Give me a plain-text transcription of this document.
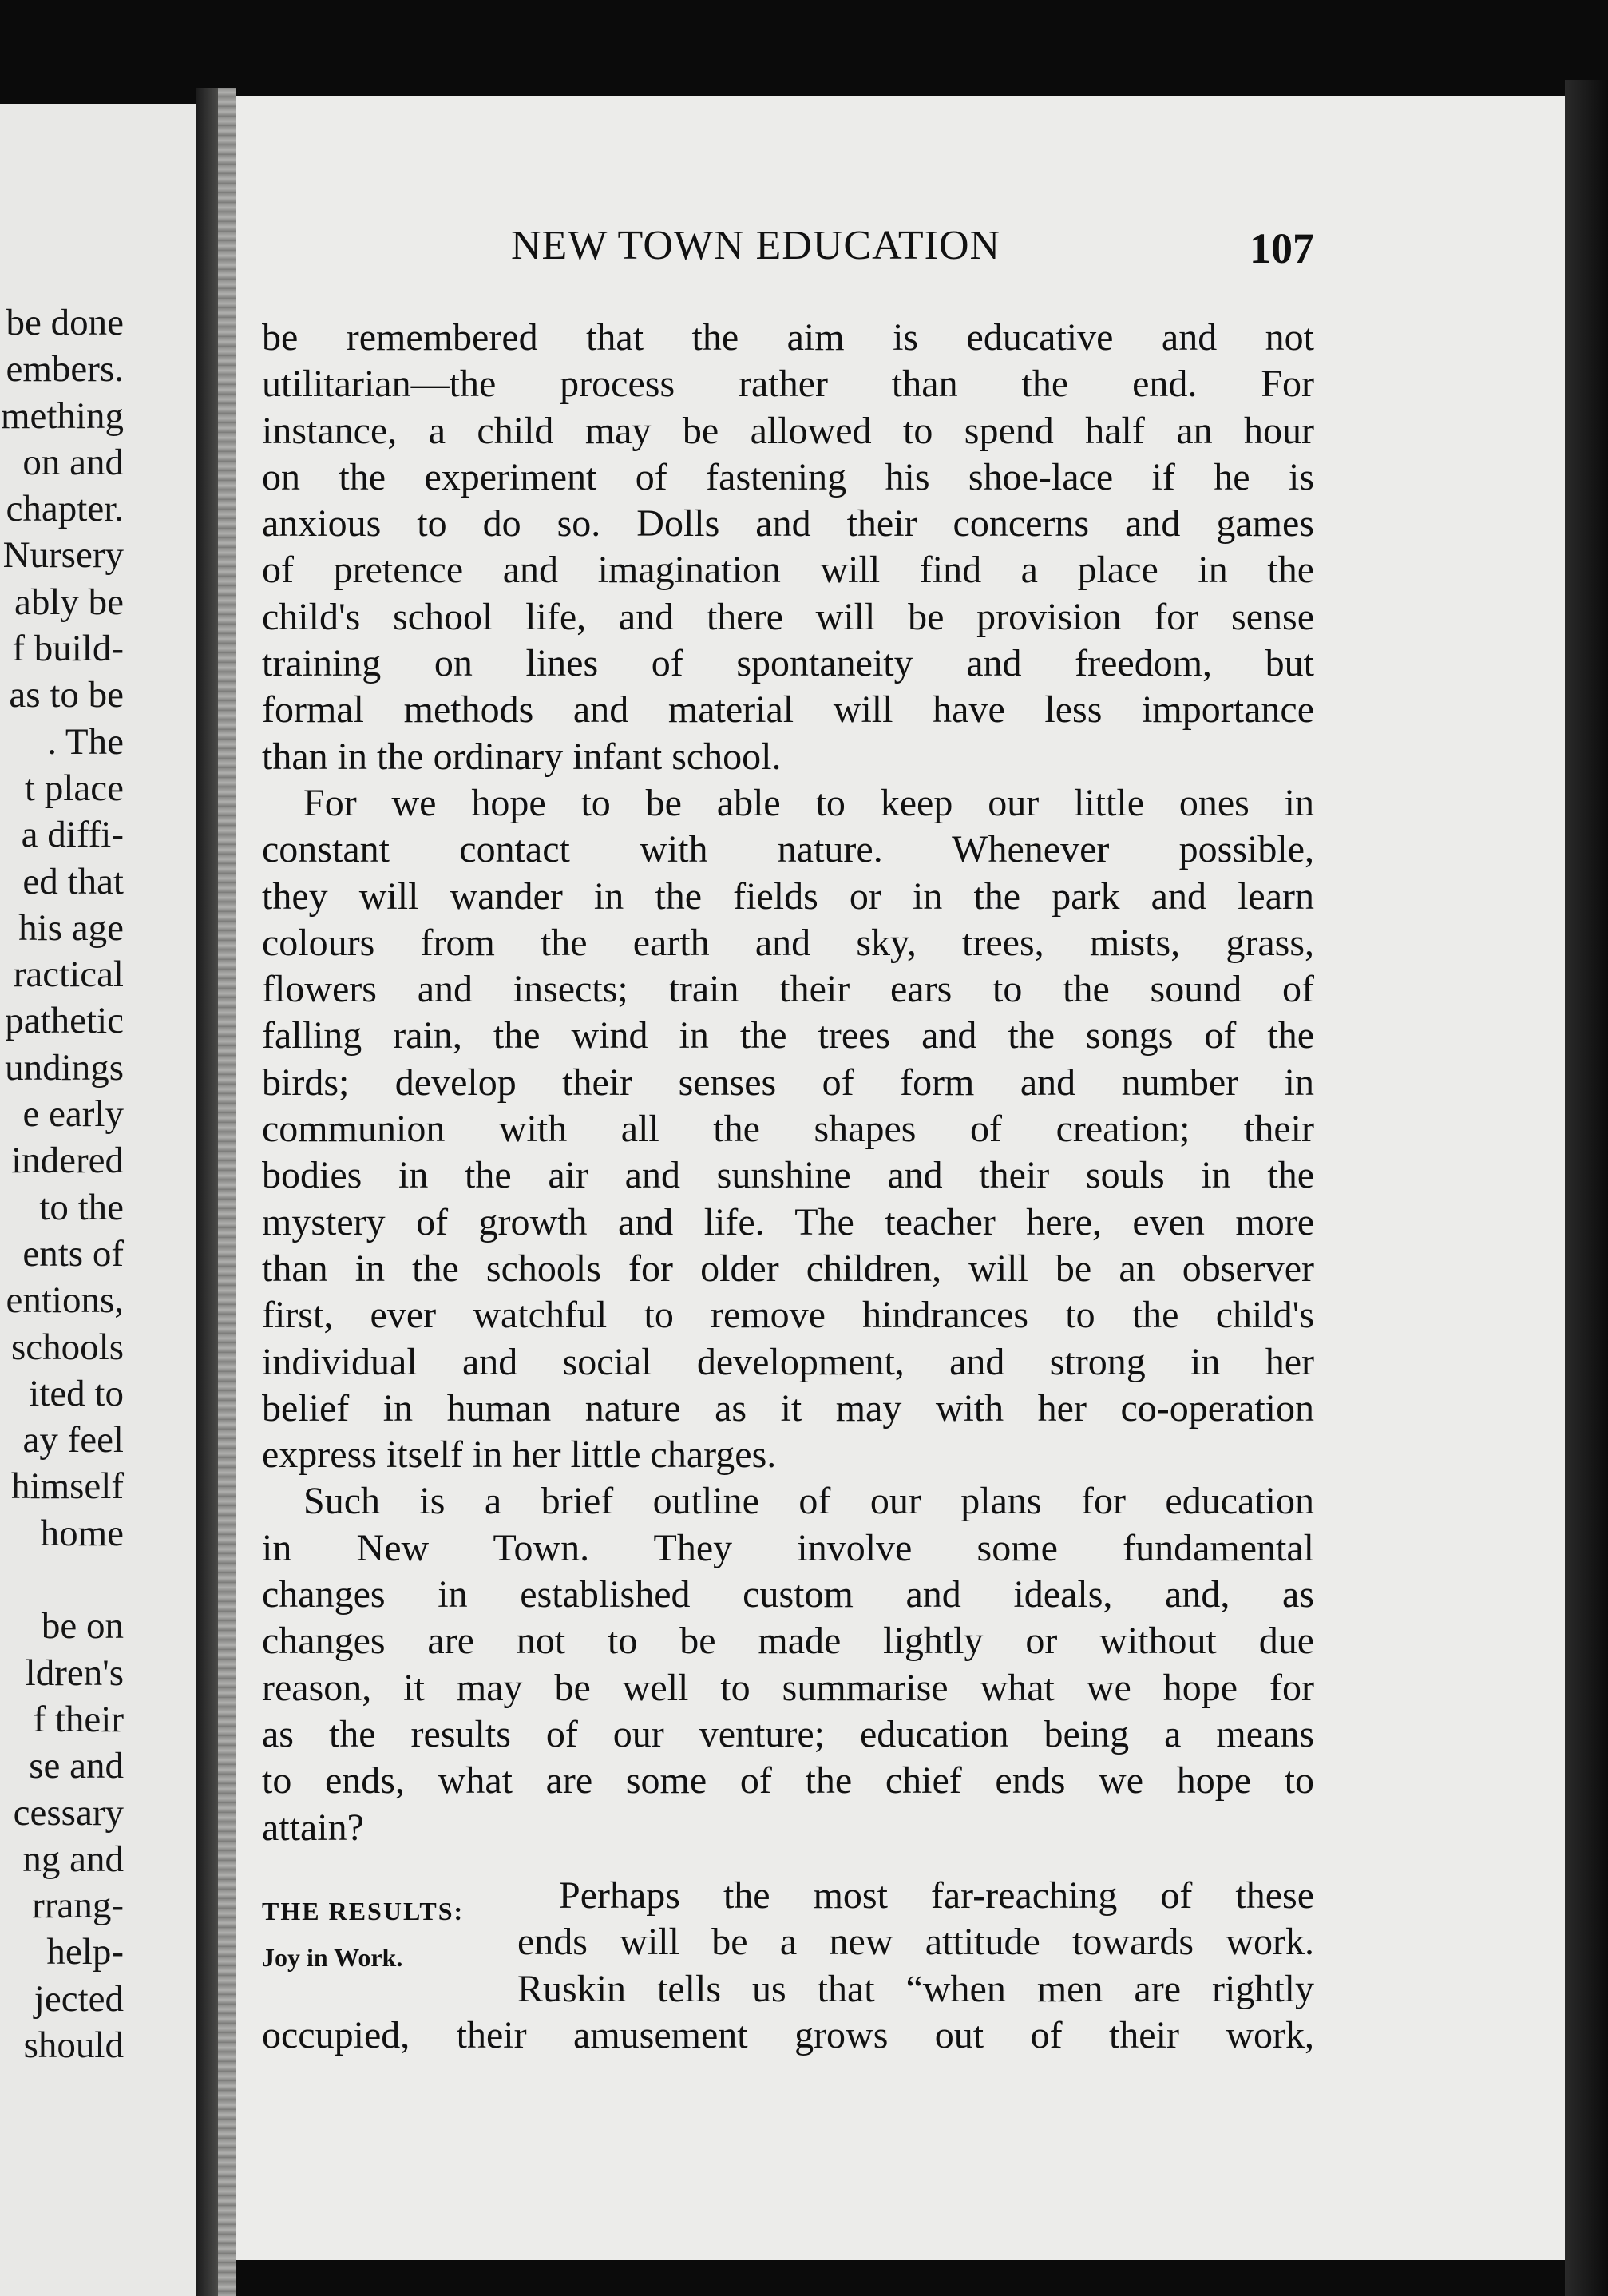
be done
embers.
mething
on and
chapter.
Nursery
ably be
f build-
as to be
. The
t place
a diffi-
ed that
his age
ractical
pathetic
undings
e early
indered
to the
ents of
entions,
schools
ited to
ay feel
himself
home
be on
ldren's
f their
se and
cessary
ng and
rrang-
help-
jected
should
NEW TOWN EDUCATION	107
be remembered that the aim is educative and not
utilitarian—the process rather than the end. For
instance, a child may be allowed to spend half an hour
on the experiment of fastening his shoe-lace if he is
anxious to do so. Dolls and their concerns and games
of pretence and imagination will find a place in the
child's school life, and there will be provision for sense
training on lines of spontaneity and freedom, but
formal methods and material will have less importance
than in the ordinary infant school.
For we hope to be able to keep our little ones in
constant contact with nature. Whenever possible,
they will wander in the fields or in the park and learn
colours from the earth and sky, trees, mists, grass,
flowers and insects; train their ears to the sound of
falling rain, the wind in the trees and the songs of the
birds; develop their senses of form and number in
communion with all the shapes of creation; their
bodies in the air and sunshine and their souls in the
mystery of growth and life. The teacher here, even more
than in the schools for older children, will be an observer
first, ever watchful to remove hindrances to the child's
individual and social development, and strong in her
belief in human nature as it may with her co-operation
express itself in her little charges.
Such is a brief outline of our plans for education
in New Town. They involve some fundamental
changes in established custom and ideals, and, as
changes are not to be made lightly or without due
reason, it may be well to summarise what we hope for
as the results of our venture; education being a means
to ends, what are some of the chief ends we hope to
attain?
Perhaps the most far-reaching of these
ends will be a new attitude towards work.
Ruskin tells us that “when men are rightly
occupied, their amusement grows out of their work,
THE RESULTS:
Joy in Work.
